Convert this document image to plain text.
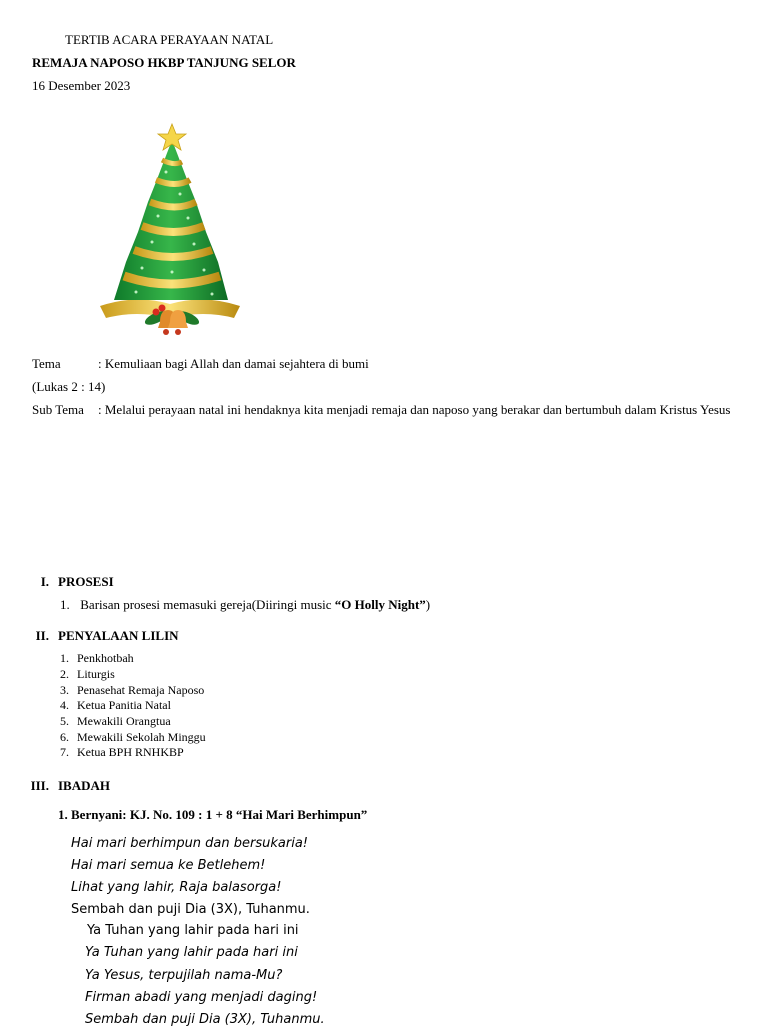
TERTIB ACARA PERAYAAN NATAL
REMAJA NAPOSO HKBP TANJUNG SELOR
16 Desember 2023
Tema	: Kemuliaan bagi Allah dan damai sejahtera di bumi
(Lukas 2 : 14)
Sub Tema : Melalui perayaan natal ini hendaknya kita menjadi remaja dan naposo yang berakar dan bertumbuh dalam Kristus Yesus
I. PROSESI
1. Barisan prosesi memasuki gereja(Diiringi music “O Holly Night”)
II. PENYALAAN LILIN
1. Penkhotbah
2. Liturgis
3. Penasehat Remaja Naposo
4. Ketua Panitia Natal
5. Mewakili Orangtua
6. Mewakili Sekolah Minggu
7. Ketua BPH RNHKBP
III. IBADAH
1. Bernyani: KJ. No. 109 : 1 + 8 “Hai Mari Berhimpun”
Hai mari berhimpun dan bersukaria!
Hai mari semua ke Betlehem!
Lihat yang lahir, Raja balasorga!
Sembah dan puji Dia (3X), Tuhanmu.
Ya Tuhan yang lahir pada hari ini
Ya Tuhan yang lahir pada hari ini
Ya Yesus, terpujilah nama-Mu?
Firman abadi yang menjadi daging!
Sembah dan puji Dia (3X), Tuhanmu.
